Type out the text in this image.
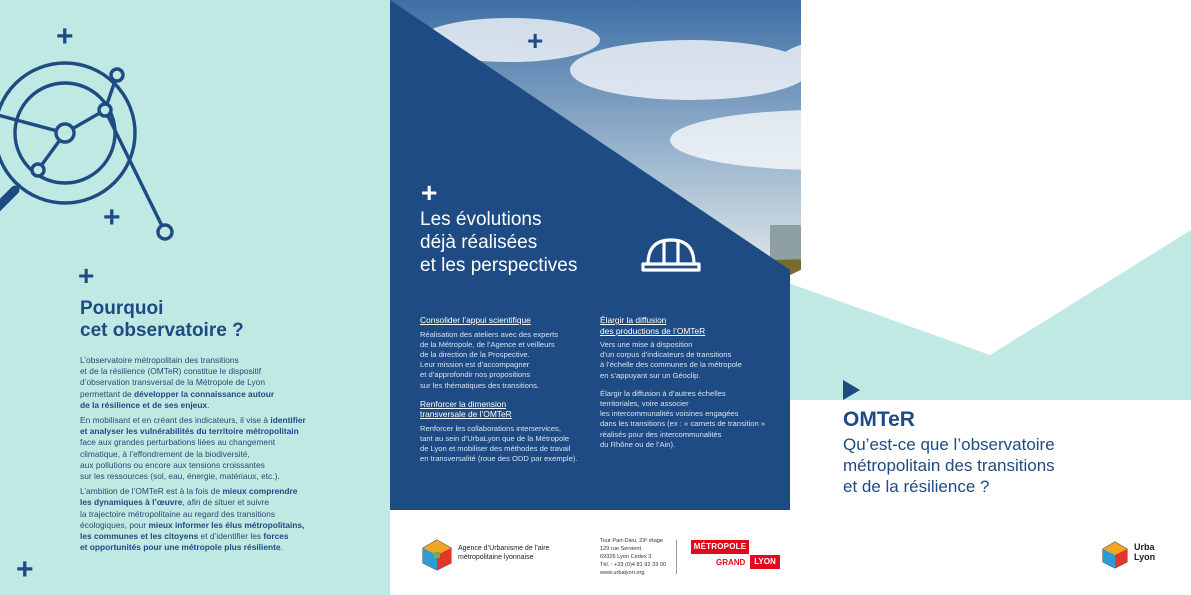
+
+
+
+
+
+
Pourquoi
cet observatoire ?

L’observatoire métropolitain des transitions
et de la résilience (OMTeR) constitue le dispositif
d’observation transversal de la Métropole de Lyon
permettant de développer la connaissance autour
de la résilience et de ses enjeux.

En mobilisant et en créant des indicateurs, il vise à identifier
et analyser les vulnérabilités du territoire métropolitain
face aux grandes perturbations liées au changement
climatique, à l’effondrement de la biodiversité,
aux pollutions ou encore aux tensions croissantes
sur les ressources (sol, eau, énergie, matériaux, etc.).

L’ambition de l’OMTeR est à la fois de mieux comprendre
les dynamiques à l’œuvre, afin de situer et suivre
la trajectoire métropolitaine au regard des transitions
écologiques, pour mieux informer les élus métropolitains,
les communes et les citoyens et d’identifier les forces
et opportunités pour une métropole plus résiliente.

Les évolutions
déjà réalisées
et les perspectives
Consolider l’appui scientifique

Réalisation des ateliers avec des experts
de la Métropole, de l’Agence et veilleurs
de la direction de la Prospective.
Leur mission est d’accompagner
et d’approfondir nos propositions
sur les thématiques des transitions.

Renforcer la dimension
transversale de l’OMTeR

Renforcer les collaborations interservices,
tant au sein d’UrbaLyon que de la Métropole
de Lyon et mobiliser des méthodes de travail
en transversalité (roue des ODD par exemple).

Élargir la diffusion
des productions de l’OMTeR

Vers une mise à disposition
d’un corpus d’indicateurs de transitions
à l’échelle des communes de la métropole
en s’appuyant sur un Géoclip.

Élargir la diffusion à d’autres échelles
territoriales, voire associer
les intercommunalités voisines engagées
dans les transitions (ex : « carnets de transition »
réalisés pour des intercommunalités
du Rhône ou de l’Ain).

Agence d’Urbanisme de l’aire
métropolitaine lyonnaise
Tour Part-Dieu, 23ᵉ étage
129 rue Servient
69326 Lyon Cedex 3
Tél. : +33 (0)4 81 92 33 00
www.urbalyon.org
MÉTROPOLE
GRAND	LYON
OMTeR
Qu’est-ce que l’observatoire
métropolitain des transitions
et de la résilience ?
Urba
Lyon
